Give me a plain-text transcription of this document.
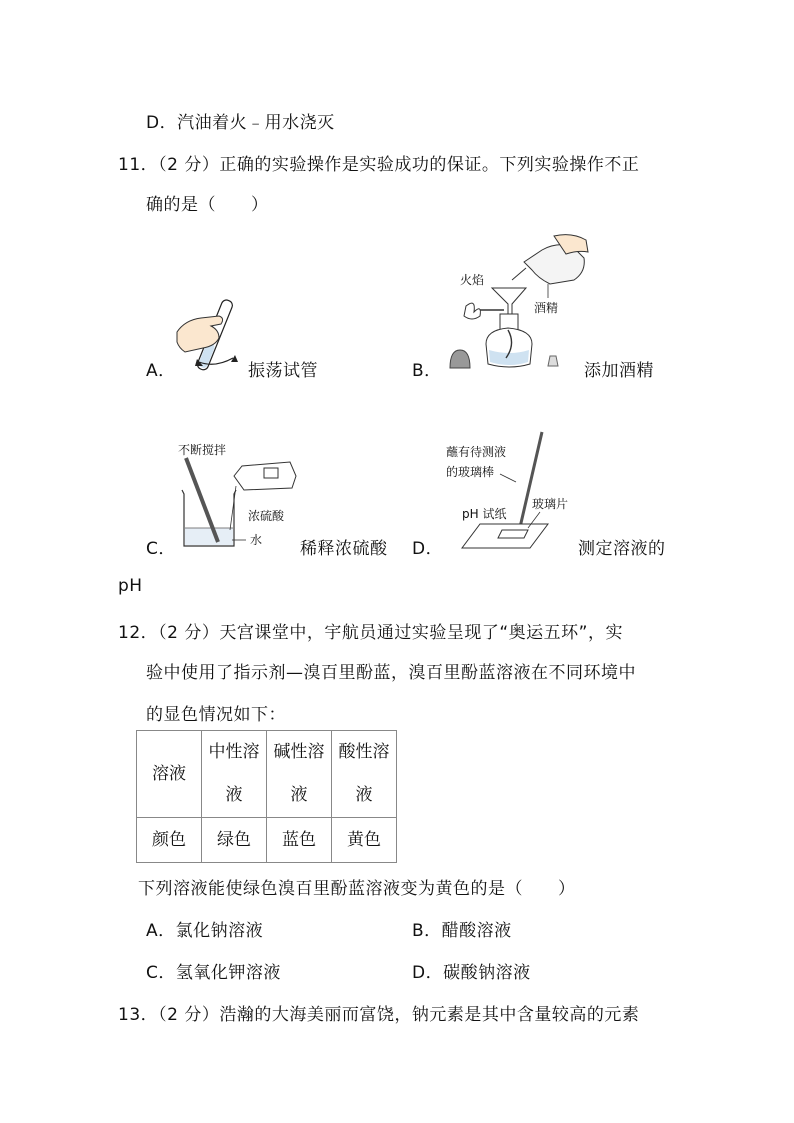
D．汽油着火﹣用水浇灭
11．（2 分）正确的实验操作是实验成功的保证。下列实验操作不正
确的是（　　）
A．	振荡试管
火焰
酒精
B．	添加酒精
不断搅拌
浓硫酸
水
C．	稀释浓硫酸
蘸有待测液
的玻璃棒
玻璃片
pH 试纸
D．	测定溶液的
pH
12．（2 分）天宫课堂中，宇航员通过实验呈现了“奥运五环”，实
验中使用了指示剂—溴百里酚蓝，溴百里酚蓝溶液在不同环境中
的显色情况如下：
溶液	中性溶液	碱性溶液	酸性溶液

颜色	绿色	蓝色	黄色
下列溶液能使绿色溴百里酚蓝溶液变为黄色的是（　　）
A．氯化钠溶液	B．醋酸溶液
C．氢氧化钾溶液	D．碳酸钠溶液
13．（2 分）浩瀚的大海美丽而富饶，钠元素是其中含量较高的元素
